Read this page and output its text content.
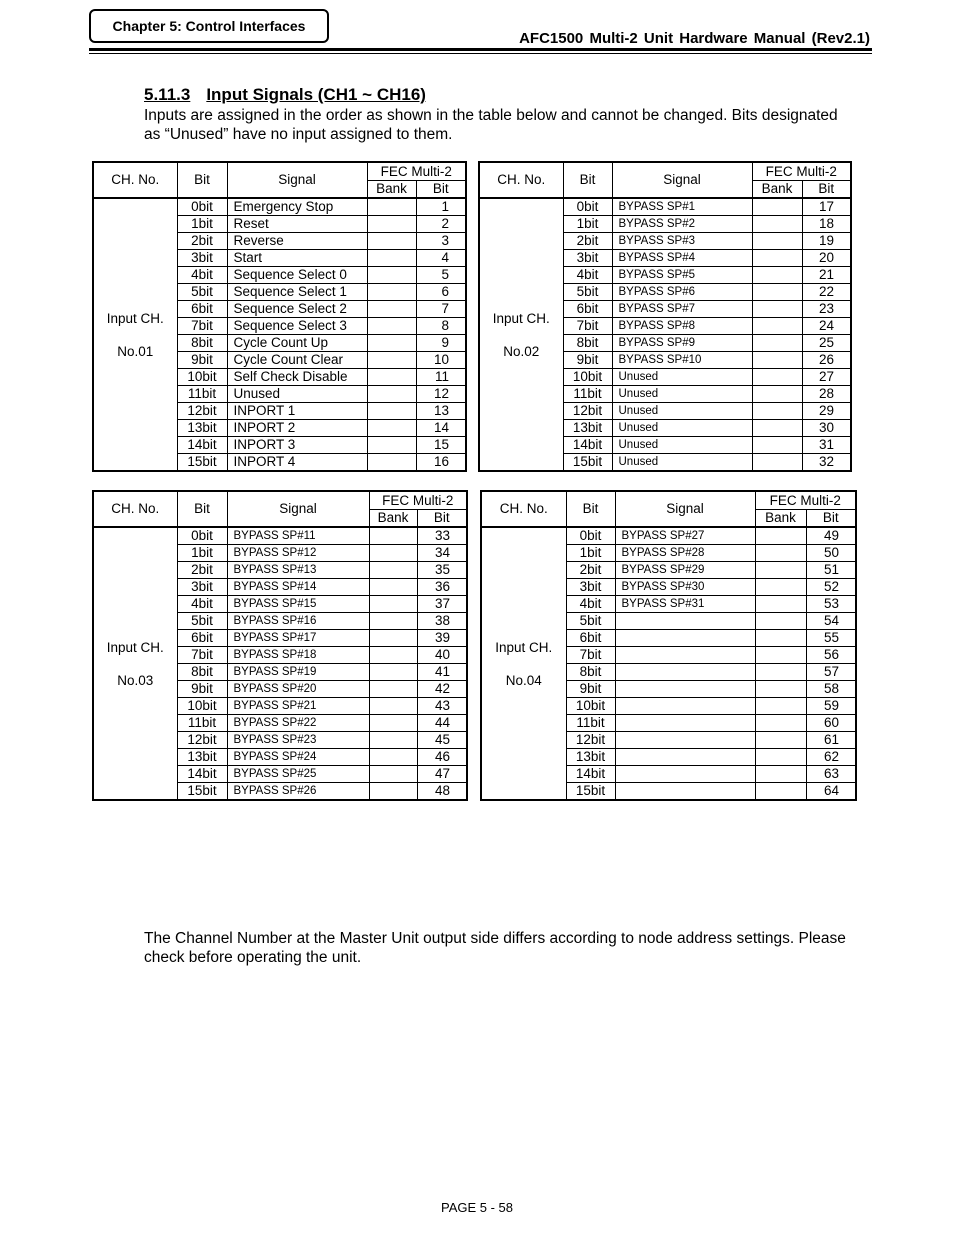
Chapter 5: Control Interfaces
AFC1500 Multi-2 Unit Hardware Manual (Rev2.1)
5.11.3 Input Signals (CH1 ~ CH16)
Inputs are assigned in the order as shown in the table below and cannot be changed. Bits designated as “Unused” have no input assigned to them.
CH. No.	Bit	Signal	FEC Multi-2	
			Bank	Bit

Input CH.
No.01	0bit	Emergency Stop		1
	1bit	Reset		2
	2bit	Reverse		3
	3bit	Start		4
	4bit	Sequence Select 0		5
	5bit	Sequence Select 1		6
	6bit	Sequence Select 2		7
	7bit	Sequence Select 3		8
	8bit	Cycle Count Up		9
	9bit	Cycle Count Clear		10
	10bit	Self Check Disable		11
	11bit	Unused		12
	12bit	INPORT 1		13
	13bit	INPORT 2		14
	14bit	INPORT 3		15
	15bit	INPORT 4		16
CH. No.	Bit	Signal	FEC Multi-2	
			Bank	Bit

Input CH.
No.02	0bit	BYPASS SP#1		17
	1bit	BYPASS SP#2		18
	2bit	BYPASS SP#3		19
	3bit	BYPASS SP#4		20
	4bit	BYPASS SP#5		21
	5bit	BYPASS SP#6		22
	6bit	BYPASS SP#7		23
	7bit	BYPASS SP#8		24
	8bit	BYPASS SP#9		25
	9bit	BYPASS SP#10		26
	10bit	Unused		27
	11bit	Unused		28
	12bit	Unused		29
	13bit	Unused		30
	14bit	Unused		31
	15bit	Unused		32
CH. No.	Bit	Signal	FEC Multi-2	
			Bank	Bit

Input CH.
No.03	0bit	BYPASS SP#11		33
	1bit	BYPASS SP#12		34
	2bit	BYPASS SP#13		35
	3bit	BYPASS SP#14		36
	4bit	BYPASS SP#15		37
	5bit	BYPASS SP#16		38
	6bit	BYPASS SP#17		39
	7bit	BYPASS SP#18		40
	8bit	BYPASS SP#19		41
	9bit	BYPASS SP#20		42
	10bit	BYPASS SP#21		43
	11bit	BYPASS SP#22		44
	12bit	BYPASS SP#23		45
	13bit	BYPASS SP#24		46
	14bit	BYPASS SP#25		47
	15bit	BYPASS SP#26		48
CH. No.	Bit	Signal	FEC Multi-2	
			Bank	Bit

Input CH.
No.04	0bit	BYPASS SP#27		49
	1bit	BYPASS SP#28		50
	2bit	BYPASS SP#29		51
	3bit	BYPASS SP#30		52
	4bit	BYPASS SP#31		53
	5bit			54
	6bit			55
	7bit			56
	8bit			57
	9bit			58
	10bit			59
	11bit			60
	12bit			61
	13bit			62
	14bit			63
	15bit			64
The Channel Number at the Master Unit output side differs according to node address settings. Please check before operating the unit.
PAGE 5 - 58
